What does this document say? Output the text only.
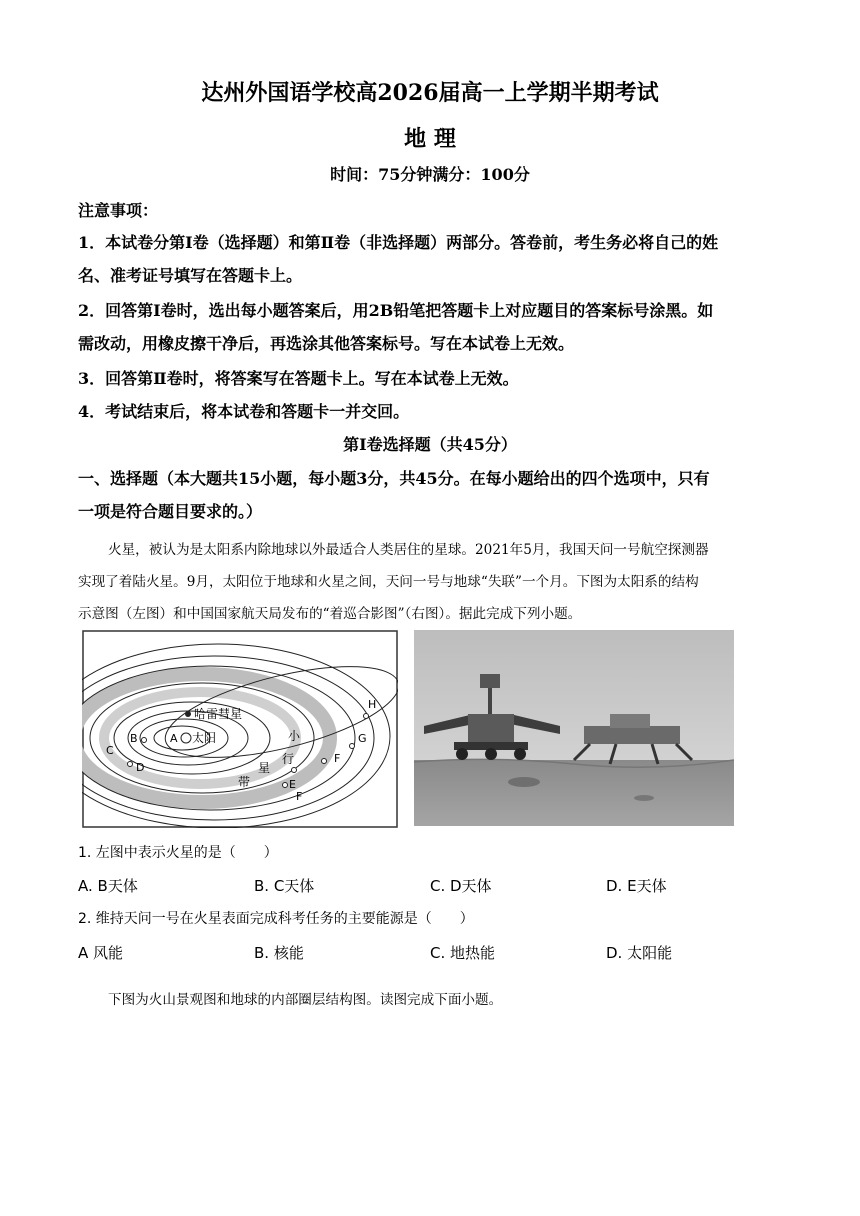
达州外国语学校高2026届高一上学期半期考试
地 理
时间：75分钟满分：100分
注意事项：
1．本试卷分第Ⅰ卷（选择题）和第Ⅱ卷（非选择题）两部分。答卷前，考生务必将自己的姓
名、准考证号填写在答题卡上。
2．回答第Ⅰ卷时，选出每小题答案后，用2B铅笔把答题卡上对应题目的答案标号涂黑。如
需改动，用橡皮擦干净后，再选涂其他答案标号。写在本试卷上无效。
3．回答第Ⅱ卷时，将答案写在答题卡上。写在本试卷上无效。
4．考试结束后，将本试卷和答题卡一并交回。
第Ⅰ卷选择题（共45分）
一、选择题（本大题共15小题，每小题3分，共45分。在每小题给出的四个选项中，只有
一项是符合题目要求的。）
火星，被认为是太阳系内除地球以外最适合人类居住的星球。2021年5月，我国天问一号航空探测器
实现了着陆火星。9月，太阳位于地球和火星之间，天问一号与地球“失联”一个月。下图为太阳系的结构
示意图（左图）和中国国家航天局发布的“着巡合影图”（右图）。据此完成下列小题。
太阳
A
哈雷彗星
B
C
D
E
F
F
G
H
小
行
星
带
1. 左图中表示火星的是（　　）
A. B天体	B. C天体	C. D天体	D. E天体
2. 维持天问一号在火星表面完成科考任务的主要能源是（　　）
A 风能	B. 核能	C. 地热能	D. 太阳能
下图为火山景观图和地球的内部圈层结构图。读图完成下面小题。
